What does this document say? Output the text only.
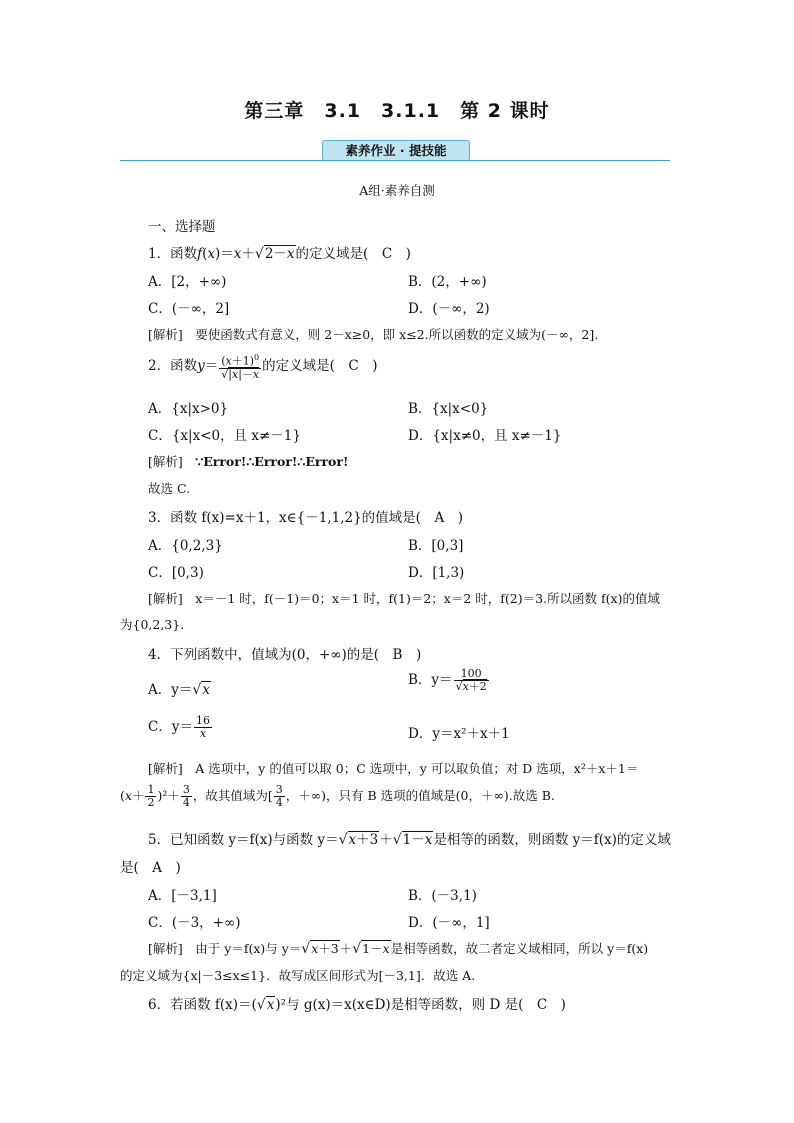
第三章　3.1　3.1.1　第 2 课时
素养作业 · 提技能
A组·素养自测
一、选择题
1．函数f(x)＝x＋√2－x的定义域是(　C　)
A．[2，+∞)	B．(2，+∞)
C．(－∞，2]	D．(－∞，2)
[解析]　 要使函数式有意义，则 2－x≥0，即 x≤2.所以函数的定义域为(－∞，2].
2．函数$y= \frac{(x+1)^0}{√|x|-x}$ 的定义域是(　C　)
A．{x|x>0}	B．{x|x<0}
C．{x|x<0，且 x≠－1}	D．{x|x≠0，且 x≠－1}
[解析]　 ∵Error!∴Error!∴Error!
故选 C.
3．函数 f(x)=x＋1，x∈{－1,1,2}的值域是(　A　)
A．{0,2,3}	B．[0,3]
C．[0,3)	D．[1,3)
[解析]　 x＝－1 时，f(－1)＝0；x＝1 时，f(1)＝2；x＝2 时，f(2)＝3.所以函数 f(x)的值域
为{0,2,3}.
4．下列函数中，值域为(0，+∞)的是(　B　)
A．y＝√x
B．$y= \frac{100}{√x+2}$
C．$y= \frac{16}{x}$	D．y＝x²＋x＋1
[解析]　 A 选项中，y 的值可以取 0；C 选项中，y 可以取负值；对 D 选项，x²＋x＋1＝
$(x+ \frac{1}{2} )^2+ \frac{3}{4}$ ，故其值域为[ $\frac{3}{4}$ ，＋∞)，只有 B 选项的值域是(0，＋∞).故选 B.
5．已知函数 y＝f(x)与函数 y＝√x＋3＋√1－x是相等的函数，则函数 y＝f(x)的定义域
是(　A　)
A．[－3,1]	B．(－3,1)
C．(－3，+∞)	D．(－∞，1]
[解析]　 由于 y＝f(x)与 y＝√x＋3＋√1－x是相等函数，故二者定义域相同，所以 y＝f(x)
的定义域为{x|－3≤x≤1}．故写成区间形式为[－3,1]．故选 A.
6．若函数 f(x)＝(√x)²与 g(x)＝x(x∈D)是相等函数，则 D 是(　C　)
